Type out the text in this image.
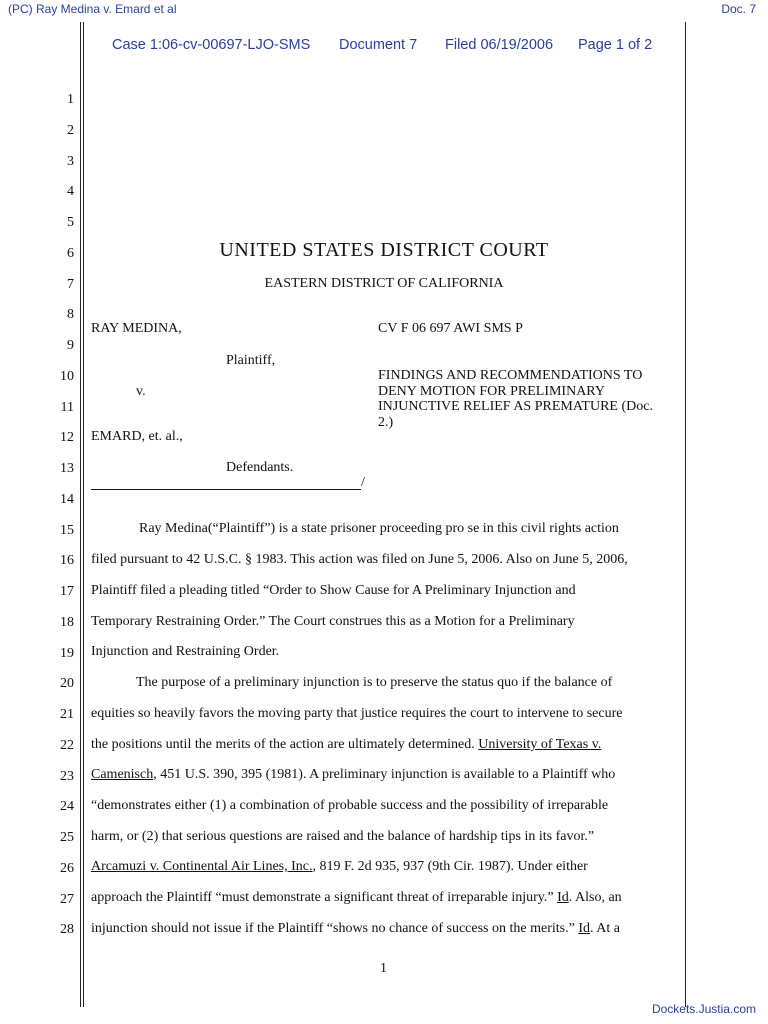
(PC) Ray Medina v. Emard et al	Doc. 7
Case 1:06-cv-00697-LJO-SMS Document 7 Filed 06/19/2006 Page 1 of 2
1
2
3
4
5
6
7
8
9
10
11
12
13
14
15
16
17
18
19
20
21
22
23
24
25
26
27
28
UNITED STATES DISTRICT COURT
EASTERN DISTRICT OF CALIFORNIA
RAY MEDINA,
Plaintiff,
v.
EMARD, et. al.,
Defendants.
/
CV F 06 697 AWI SMS P
FINDINGS AND RECOMMENDATIONS TO
DENY MOTION FOR PRELIMINARY
INJUNCTIVE RELIEF AS PREMATURE (Doc.
2.)
Ray Medina(“Plaintiff”) is a state prisoner proceeding pro se in this civil rights action
filed pursuant to 42 U.S.C. § 1983. This action was filed on June 5, 2006. Also on June 5, 2006,
Plaintiff filed a pleading titled “Order to Show Cause for A Preliminary Injunction and
Temporary Restraining Order.” The Court construes this as a Motion for a Preliminary
Injunction and Restraining Order.
The purpose of a preliminary injunction is to preserve the status quo if the balance of
equities so heavily favors the moving party that justice requires the court to intervene to secure
the positions until the merits of the action are ultimately determined. University of Texas v.
Camenisch, 451 U.S. 390, 395 (1981). A preliminary injunction is available to a Plaintiff who
“demonstrates either (1) a combination of probable success and the possibility of irreparable
harm, or (2) that serious questions are raised and the balance of hardship tips in its favor.”
Arcamuzi v. Continental Air Lines, Inc., 819 F. 2d 935, 937 (9th Cir. 1987). Under either
approach the Plaintiff “must demonstrate a significant threat of irreparable injury.” Id. Also, an
injunction should not issue if the Plaintiff “shows no chance of success on the merits.” Id. At a
1
Dockets.Justia.com
